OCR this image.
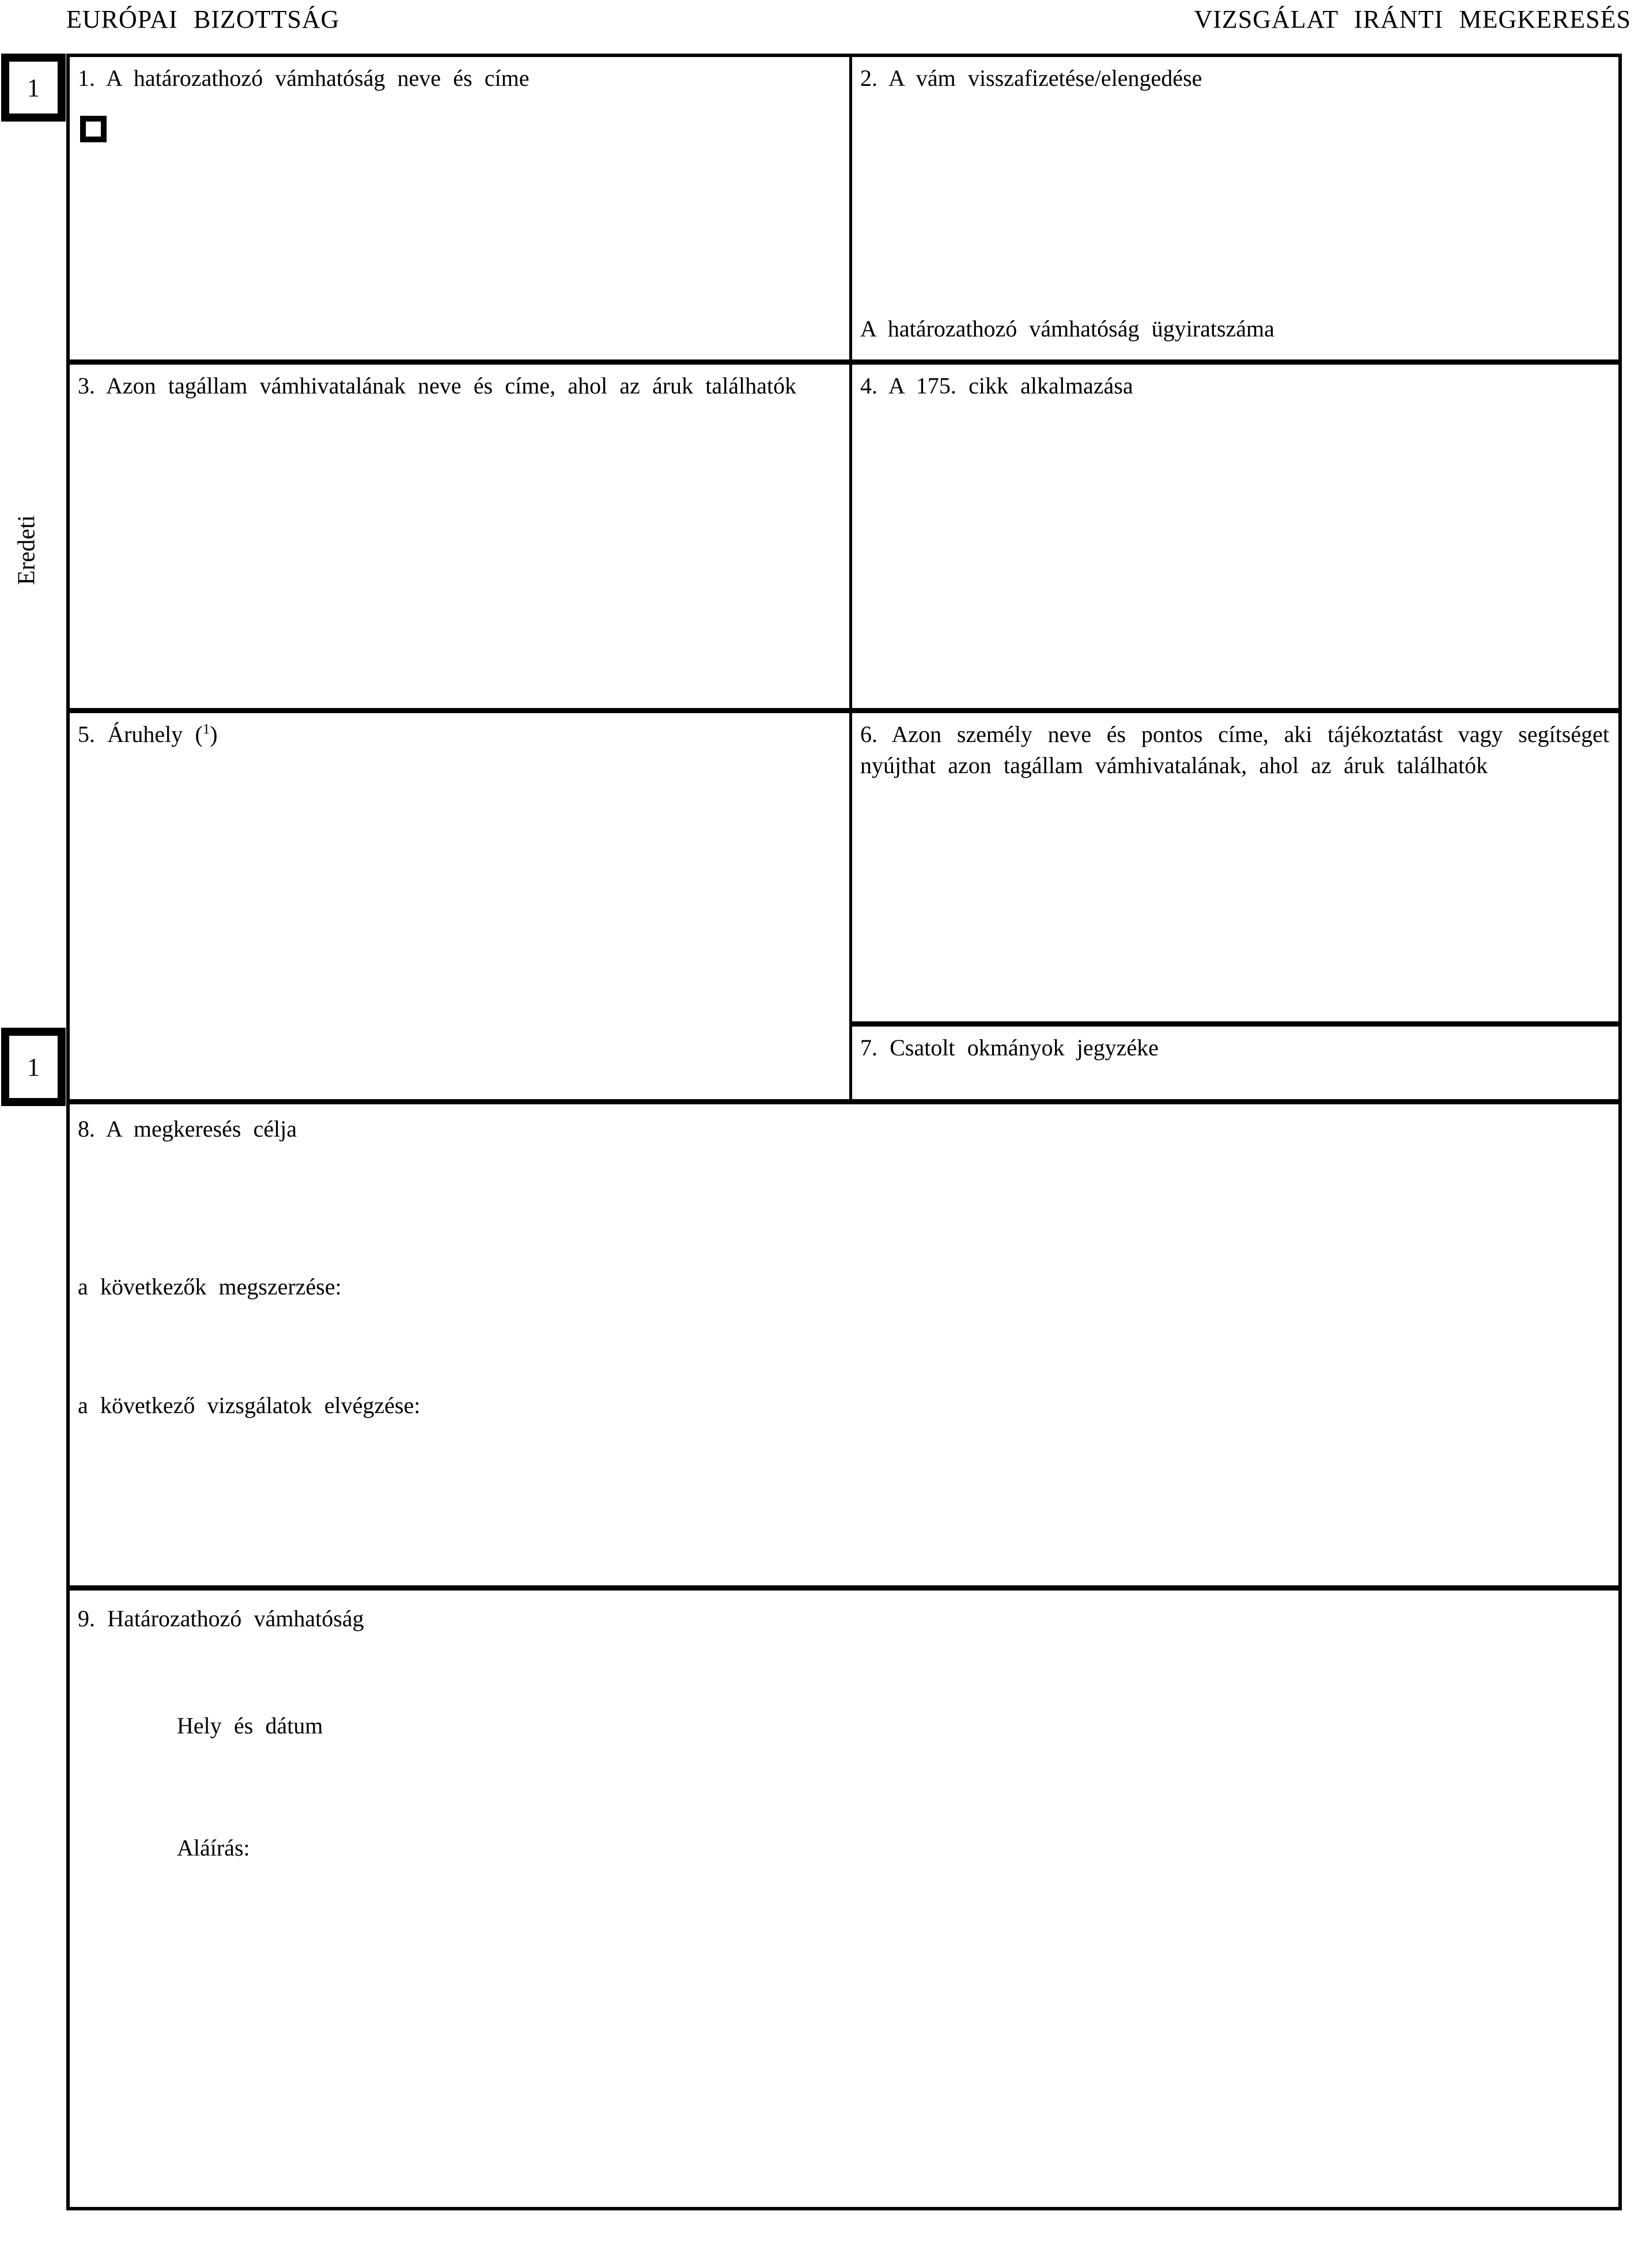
EURÓPAI BIZOTTSÁG	VIZSGÁLAT IRÁNTI MEGKERESÉS
1. A határozathozó vámhatóság neve és címe	2. A vám visszafizetése/elengedése
A határozathozó vámhatóság ügyiratszáma
3. Azon tagállam vámhivatalának neve és címe, ahol az áruk találhatók	4. A 175. cikk alkalmazása
5. Áruhely ($^1$)	6. Azon személy neve és pontos címe, aki tájékoztatást vagy segítséget nyújthat azon tagállam vámhivatalának, ahol az áruk találhatók
7. Csatolt okmányok jegyzéke
8. A megkeresés célja
a következők megszerzése:
a következő vizsgálatok elvégzése:
9. Határozathozó vámhatóság
Hely és dátum
Aláírás:
1
1
Eredeti
